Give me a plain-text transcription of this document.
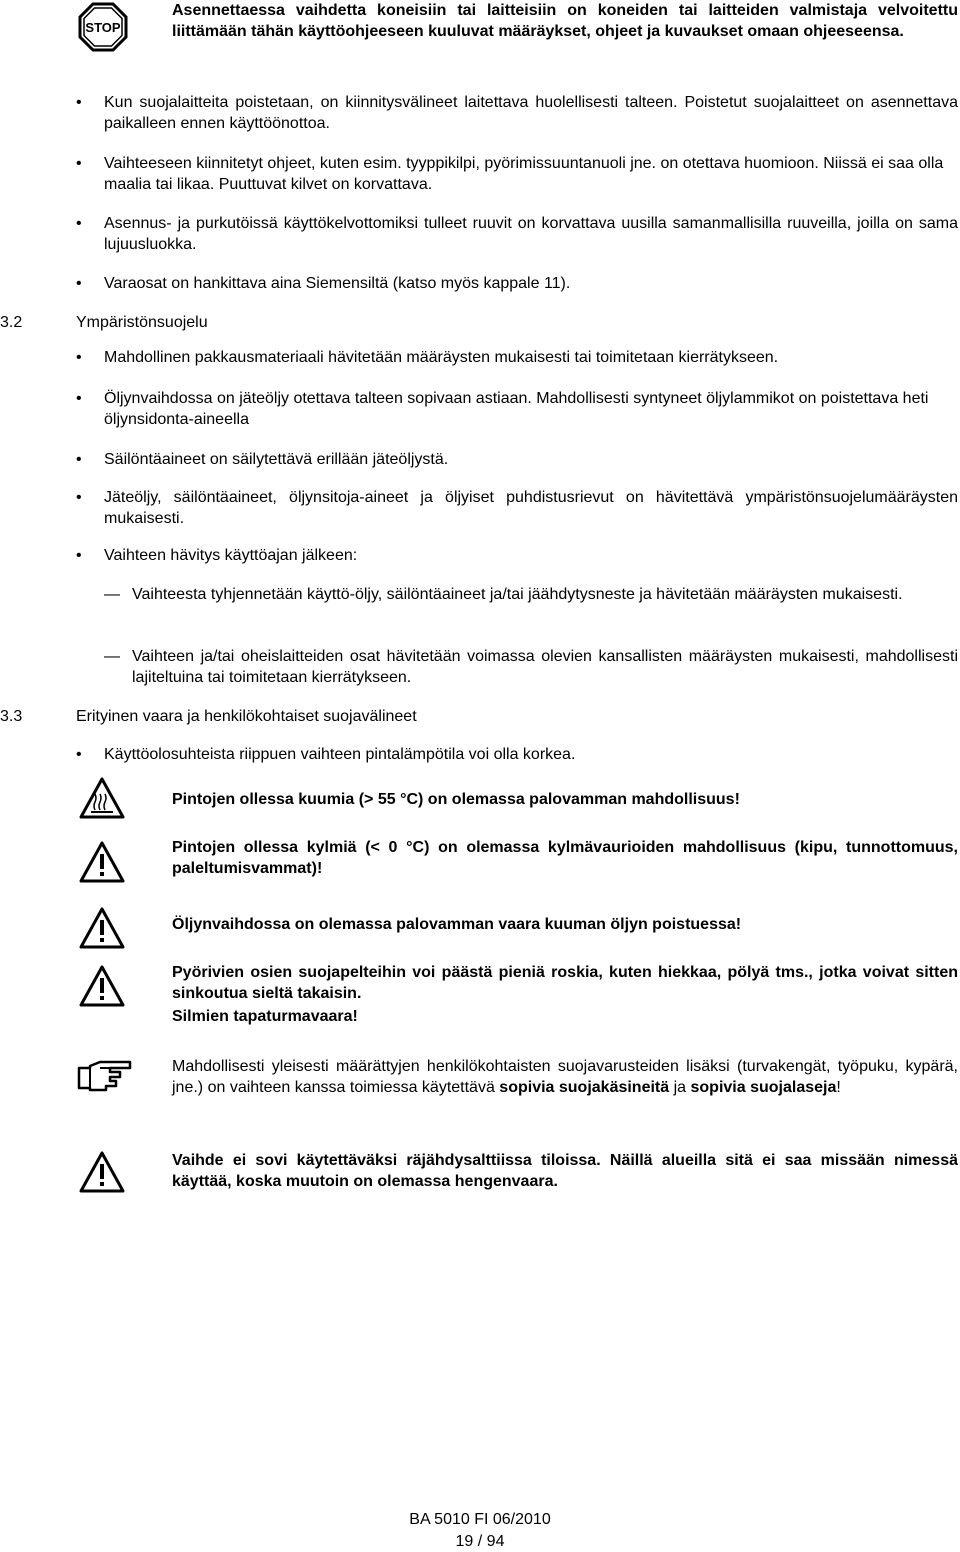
STOP

Asennettaessa vaihdetta koneisiin tai laitteisiin on koneiden tai laitteiden valmistaja velvoitettu liittämään tähän käyttöohjeeseen kuuluvat määräykset, ohjeet ja kuvaukset omaan ohjeeseensa.

• Kun suojalaitteita poistetaan, on kiinnitysvälineet laitettava huolellisesti talteen. Poistetut suojalaitteet on asennettava paikalleen ennen käyttöönottoa.

• Vaihteeseen kiinnitetyt ohjeet, kuten esim. tyyppikilpi, pyörimissuuntanuoli jne. on otettava huomioon. Niissä ei saa olla maalia tai likaa. Puuttuvat kilvet on korvattava.

• Asennus- ja purkutöissä käyttökelvottomiksi tulleet ruuvit on korvattava uusilla samanmallisilla ruuveilla, joilla on sama lujuusluokka.

• Varaosat on hankittava aina Siemensiltä (katso myös kappale 11).

3.2	Ympäristönsuojelu
• Mahdollinen pakkausmateriaali hävitetään määräysten mukaisesti tai toimitetaan kierrätykseen.

• Öljynvaihdossa on jäteöljy otettava talteen sopivaan astiaan. Mahdollisesti syntyneet öljylammikot on poistettava heti öljynsidonta-aineella

• Säilöntäaineet on säilytettävä erillään jäteöljystä.

• Jäteöljy, säilöntäaineet, öljynsitoja-aineet ja öljyiset puhdistusrievut on hävitettävä ympäristönsuojelumääräysten mukaisesti.

• Vaihteen hävitys käyttöajan jälkeen:

— Vaihteesta tyhjennetään käyttö-öljy, säilöntäaineet ja/tai jäähdytysneste ja hävitetään määräysten mukaisesti.

— Vaihteen ja/tai oheislaitteiden osat hävitetään voimassa olevien kansallisten määräysten mukaisesti, mahdollisesti lajiteltuina tai toimitetaan kierrätykseen.

3.3	Erityinen vaara ja henkilökohtaiset suojavälineet
• Käyttöolosuhteista riippuen vaihteen pintalämpötila voi olla korkea.

Pintojen ollessa kuumia (> 55 °C) on olemassa palovamman mahdollisuus!

Pintojen ollessa kylmiä (< 0 °C) on olemassa kylmävaurioiden mahdollisuus (kipu, tunnottomuus, paleltumisvammat)!

Öljynvaihdossa on olemassa palovamman vaara kuuman öljyn poistuessa!

Pyörivien osien suojapelteihin voi päästä pieniä roskia, kuten hiekkaa, pölyä tms., jotka voivat sitten sinkoutua sieltä takaisin.

Silmien tapaturmavaara!

Mahdollisesti yleisesti määrättyjen henkilökohtaisten suojavarusteiden lisäksi (turvakengät, työpuku, kypärä, jne.) on vaihteen kanssa toimiessa käytettävä sopivia suojakäsineitä ja sopivia suojalaseja!

Vaihde ei sovi käytettäväksi räjähdysalttiissa tiloissa. Näillä alueilla sitä ei saa missään nimessä käyttää, koska muutoin on olemassa hengenvaara.

BA 5010 FI 06/2010
19 / 94
